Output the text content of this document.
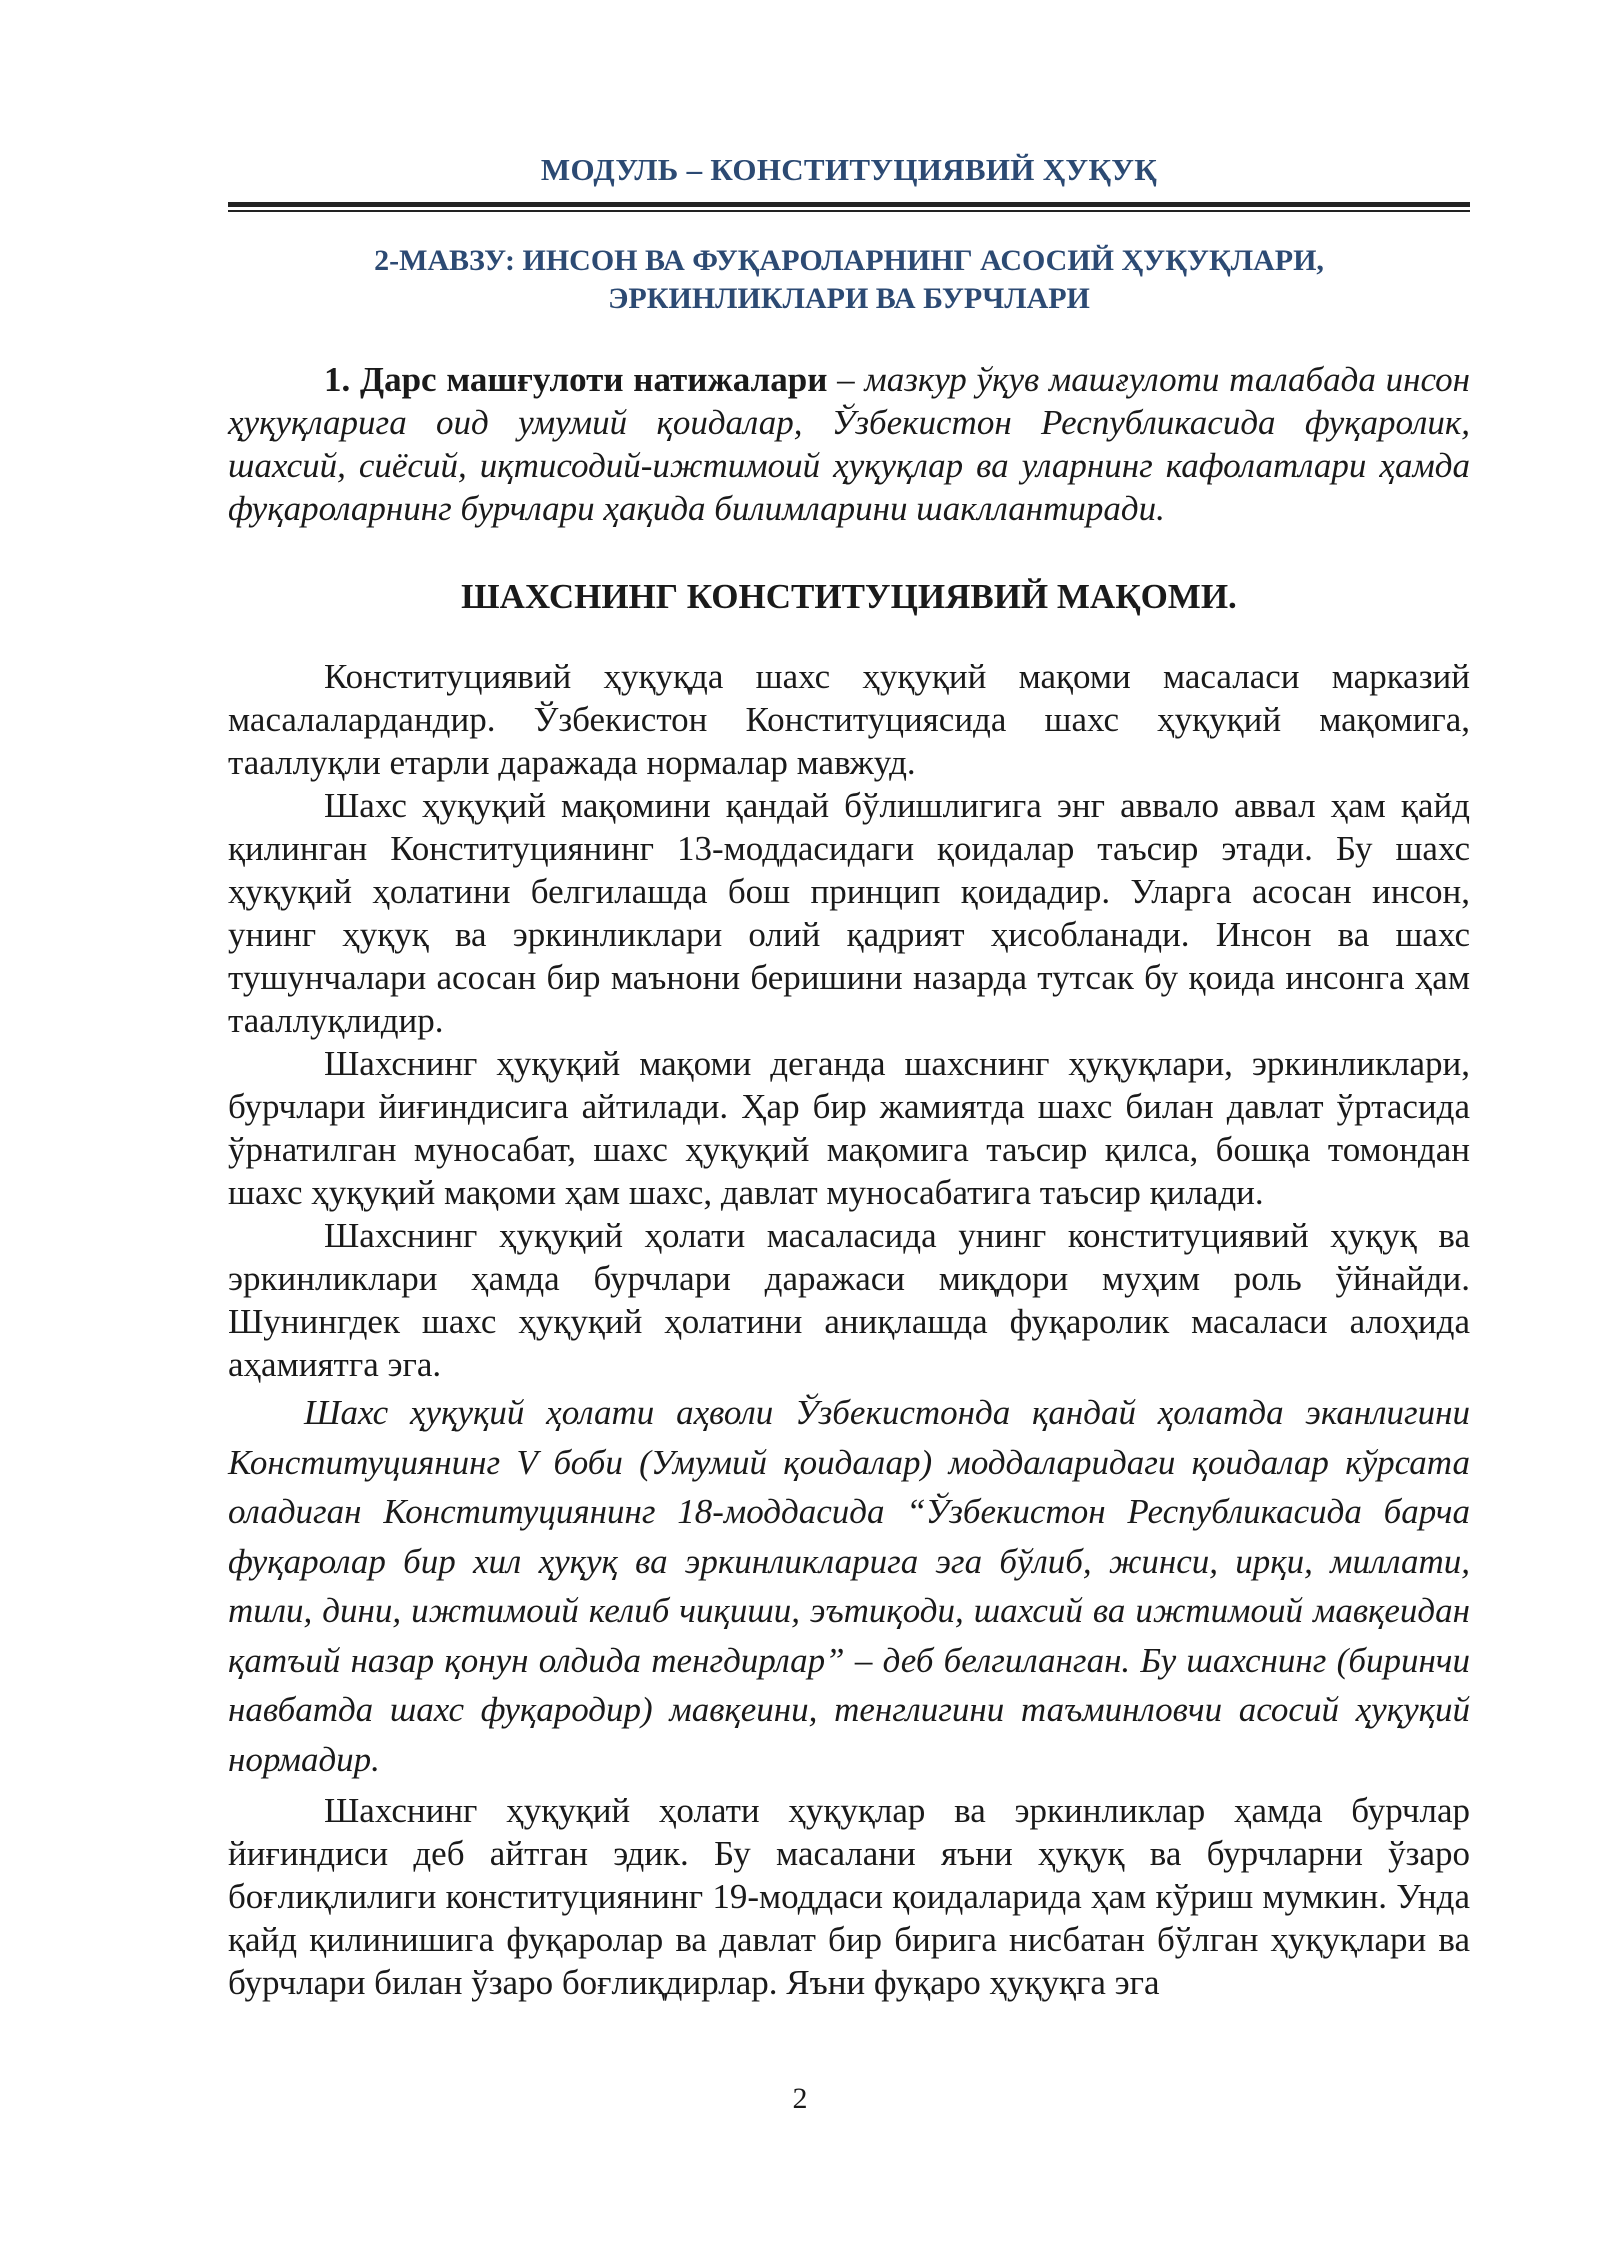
МОДУЛЬ – КОНСТИТУЦИЯВИЙ ҲУҚУҚ
2-МАВЗУ: ИНСОН ВА ФУҚАРОЛАРНИНГ АСОСИЙ ҲУҚУҚЛАРИ,
ЭРКИНЛИКЛАРИ ВА БУРЧЛАРИ

1. Дарс машғулоти натижалари – мазкур ўқув машғулоти талабада инсон ҳуқуқларига оид умумий қоидалар, Ўзбекистон Республикасида фуқаролик, шахсий, сиёсий, иқтисодий-ижтимоий ҳуқуқлар ва уларнинг кафолатлари ҳамда фуқароларнинг бурчлари ҳақида билимларини шакллантиради.

ШАХСНИНГ КОНСТИТУЦИЯВИЙ МАҚОМИ.

Конституциявий ҳуқуқда шахс ҳуқуқий мақоми масаласи марказий масалалардандир. Ўзбекистон Конституциясида шахс ҳуқуқий мақомига, тааллуқли етарли даражада нормалар мавжуд.

Шахс ҳуқуқий мақомини қандай бўлишлигига энг аввало аввал ҳам қайд қилинган Конституциянинг 13-моддасидаги қоидалар таъсир этади. Бу шахс ҳуқуқий ҳолатини белгилашда бош принцип қоидадир. Уларга асосан инсон, унинг ҳуқуқ ва эркинликлари олий қадрият ҳисобланади. Инсон ва шахс тушунчалари асосан бир маънони беришини назарда тутсак бу қоида инсонга ҳам тааллуқлидир.

Шахснинг ҳуқуқий мақоми деганда шахснинг ҳуқуқлари, эркинликлари, бурчлари йиғиндисига айтилади. Ҳар бир жамиятда шахс билан давлат ўртасида ўрнатилган муносабат, шахс ҳуқуқий мақомига таъсир қилса, бошқа томондан шахс ҳуқуқий мақоми ҳам шахс, давлат муносабатига таъсир қилади.

Шахснинг ҳуқуқий ҳолати масаласида унинг конституциявий ҳуқуқ ва эркинликлари ҳамда бурчлари даражаси миқдори муҳим роль ўйнайди. Шунингдек шахс ҳуқуқий ҳолатини аниқлашда фуқаролик масаласи алоҳида аҳамиятга эга.

Шахс ҳуқуқий ҳолати аҳволи Ўзбекистонда қандай ҳолатда эканлигини Конституциянинг V боби (Умумий қоидалар) моддаларидаги қоидалар кўрсата оладиган Конституциянинг 18-моддасида “Ўзбекистон Республикасида барча фуқаролар бир хил ҳуқуқ ва эркинликларига эга бўлиб, жинси, ирқи, миллати, тили, дини, ижтимоий келиб чиқиши, эътиқоди, шахсий ва ижтимоий мавқеидан қатъий назар қонун олдида тенгдирлар” – деб белгиланган. Бу шахснинг (биринчи навбатда шахс фуқародир) мавқеини, тенглигини таъминловчи асосий ҳуқуқий нормадир.

Шахснинг ҳуқуқий ҳолати ҳуқуқлар ва эркинликлар ҳамда бурчлар йиғиндиси деб айтган эдик. Бу масалани яъни ҳуқуқ ва бурчларни ўзаро боғлиқлилиги конституциянинг 19-моддаси қоидаларида ҳам кўриш мумкин. Унда қайд қилинишига фуқаролар ва давлат бир бирига нисбатан бўлган ҳуқуқлари ва бурчлари билан ўзаро боғлиқдирлар. Яъни фуқаро ҳуқуқга эга

2
